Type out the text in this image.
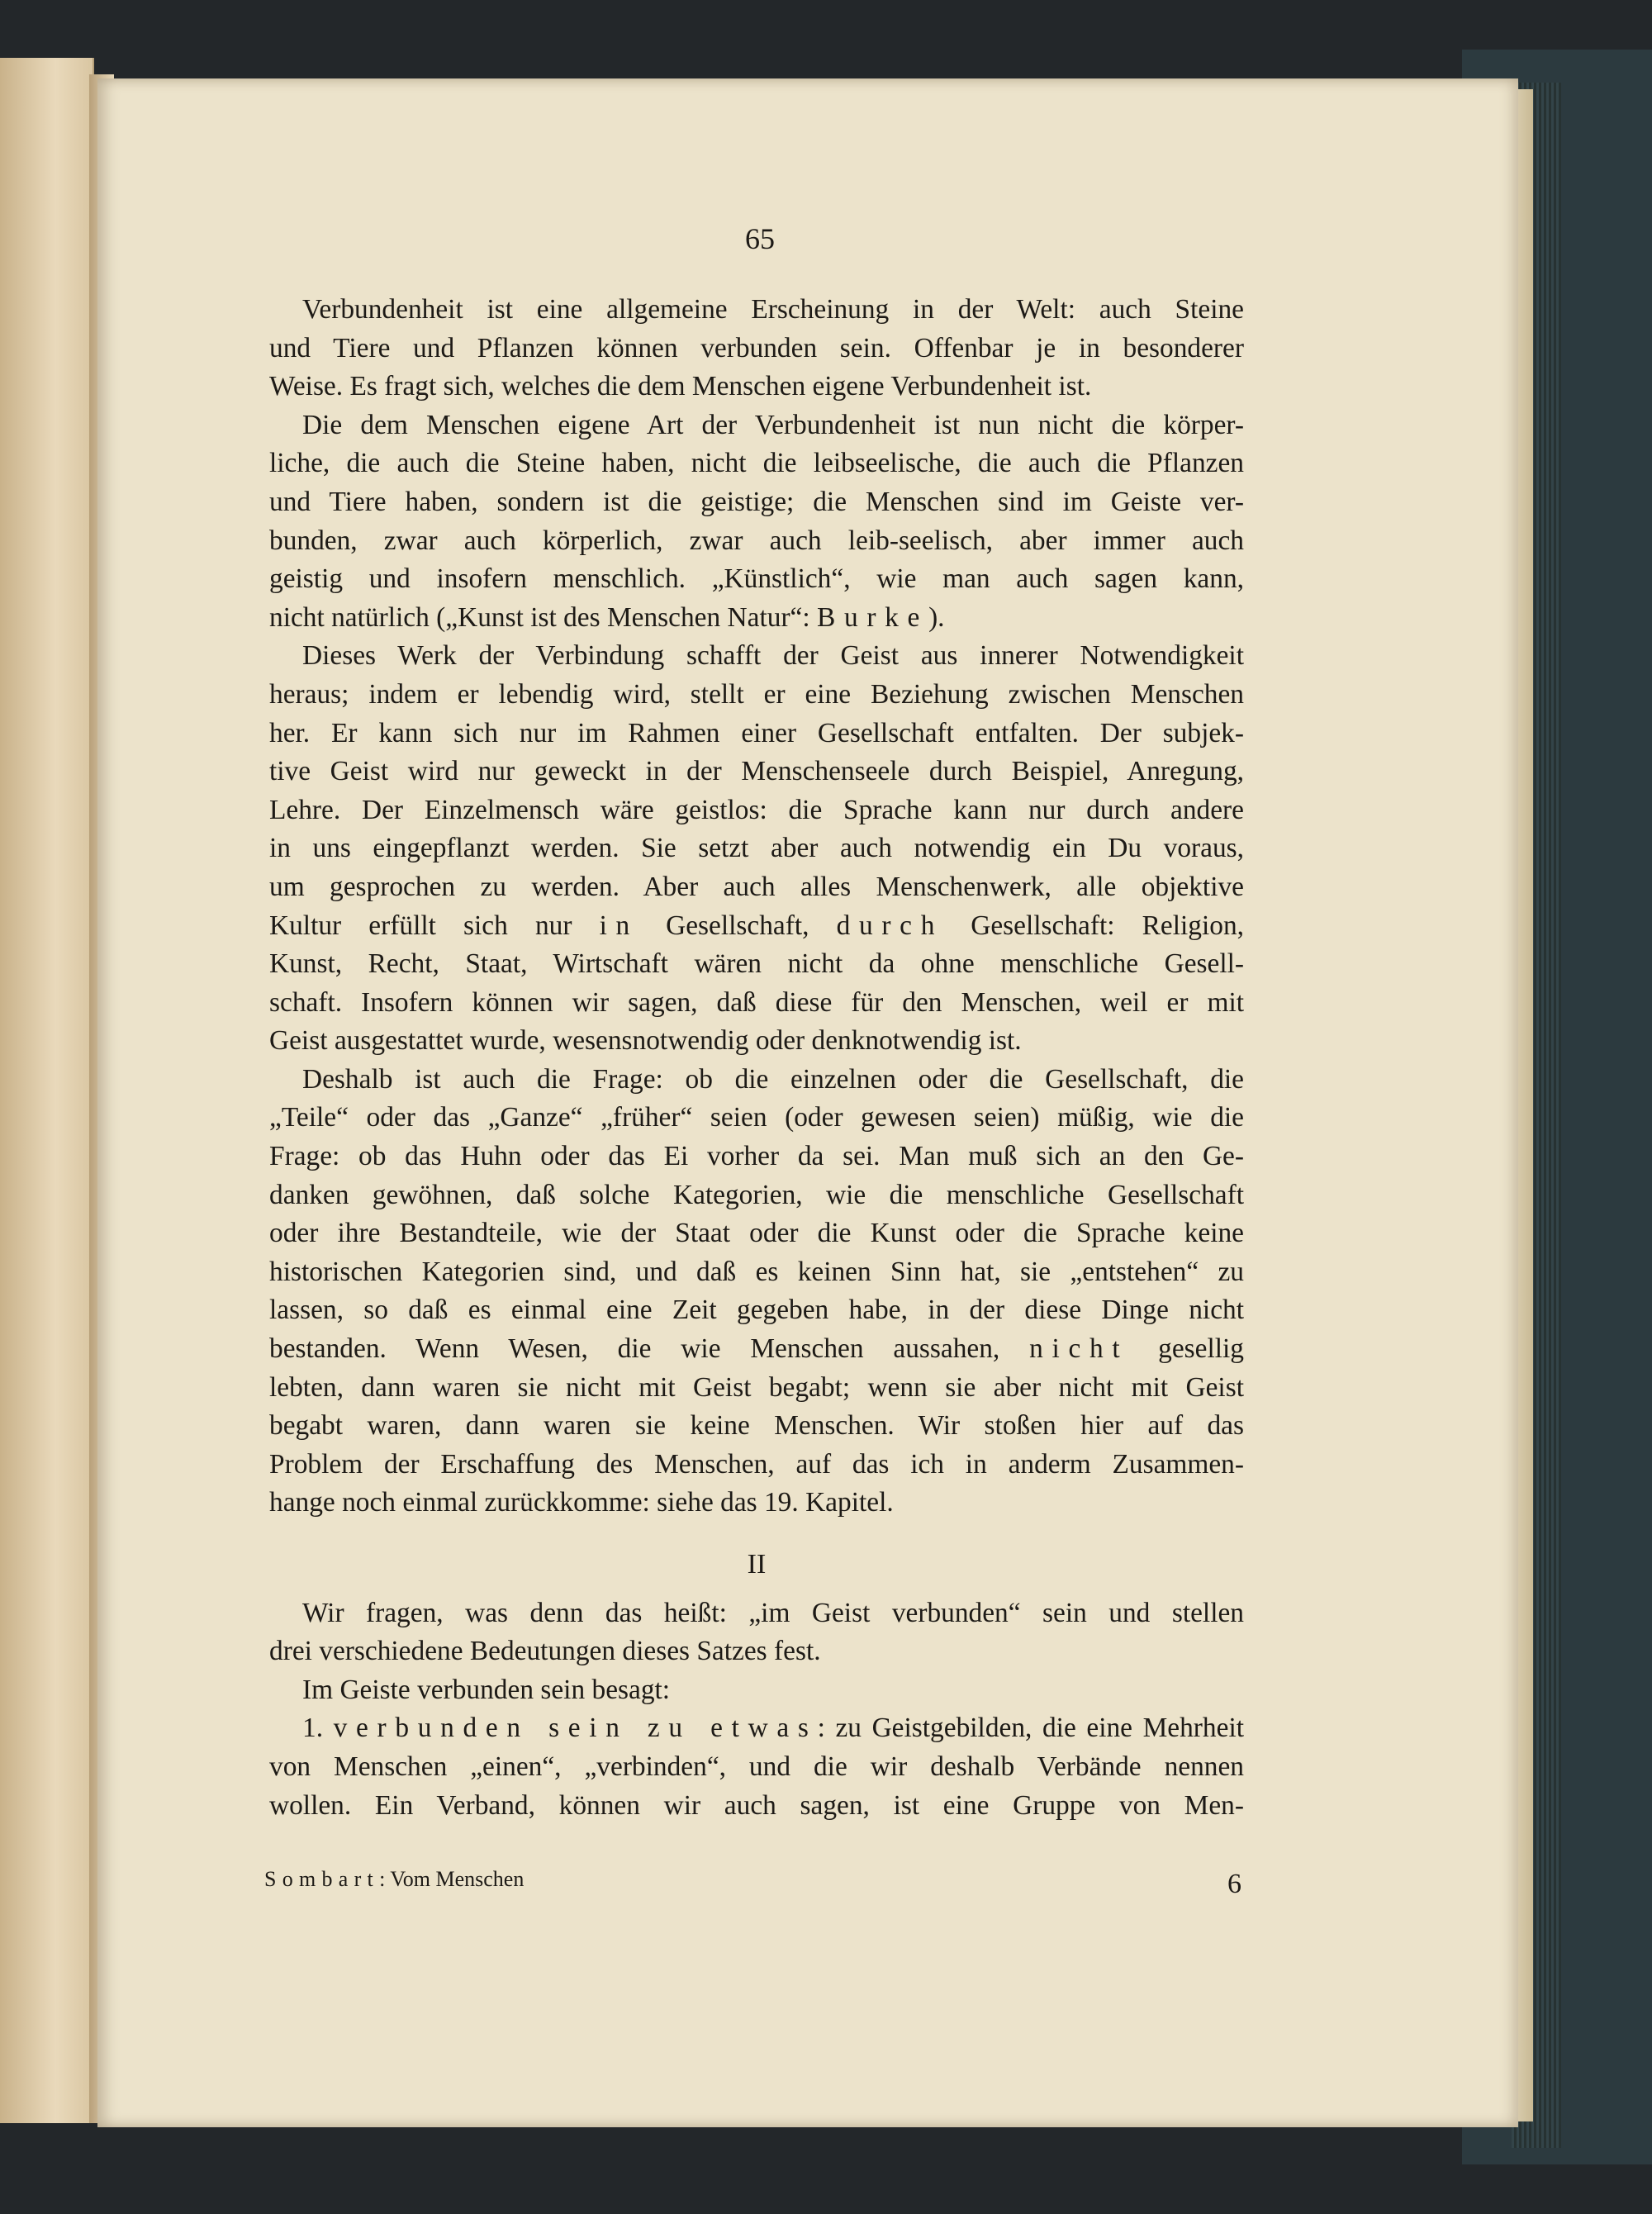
65

Verbundenheit ist eine allgemeine Erscheinung in der Welt: auch Steine

und Tiere und Pflanzen können verbunden sein. Offenbar je in besonderer

Weise. Es fragt sich, welches die dem Menschen eigene Verbundenheit ist.

Die dem Menschen eigene Art der Verbundenheit ist nun nicht die körper-

liche, die auch die Steine haben, nicht die leibseelische, die auch die Pflanzen

und Tiere haben, sondern ist die geistige; die Menschen sind im Geiste ver-

bunden, zwar auch körperlich, zwar auch leib-seelisch, aber immer auch

geistig und insofern menschlich. „Künstlich“, wie man auch sagen kann,

nicht natürlich („Kunst ist des Menschen Natur“: Burke).

Dieses Werk der Verbindung schafft der Geist aus innerer Notwendigkeit

heraus; indem er lebendig wird, stellt er eine Beziehung zwischen Menschen

her. Er kann sich nur im Rahmen einer Gesellschaft entfalten. Der subjek-

tive Geist wird nur geweckt in der Menschenseele durch Beispiel, Anregung,

Lehre. Der Einzelmensch wäre geistlos: die Sprache kann nur durch andere

in uns eingepflanzt werden. Sie setzt aber auch notwendig ein Du voraus,

um gesprochen zu werden. Aber auch alles Menschenwerk, alle objektive

Kultur erfüllt sich nur in Gesellschaft, durch Gesellschaft: Religion,

Kunst, Recht, Staat, Wirtschaft wären nicht da ohne menschliche Gesell-

schaft. Insofern können wir sagen, daß diese für den Menschen, weil er mit

Geist ausgestattet wurde, wesensnotwendig oder denknotwendig ist.

Deshalb ist auch die Frage: ob die einzelnen oder die Gesellschaft, die

„Teile“ oder das „Ganze“ „früher“ seien (oder gewesen seien) müßig, wie die

Frage: ob das Huhn oder das Ei vorher da sei. Man muß sich an den Ge-

danken gewöhnen, daß solche Kategorien, wie die menschliche Gesellschaft

oder ihre Bestandteile, wie der Staat oder die Kunst oder die Sprache keine

historischen Kategorien sind, und daß es keinen Sinn hat, sie „entstehen“ zu

lassen, so daß es einmal eine Zeit gegeben habe, in der diese Dinge nicht

bestanden. Wenn Wesen, die wie Menschen aussahen, nicht gesellig

lebten, dann waren sie nicht mit Geist begabt; wenn sie aber nicht mit Geist

begabt waren, dann waren sie keine Menschen. Wir stoßen hier auf das

Problem der Erschaffung des Menschen, auf das ich in anderm Zusammen-

hange noch einmal zurückkomme: siehe das 19. Kapitel.

II

Wir fragen, was denn das heißt: „im Geist verbunden“ sein und stellen

drei verschiedene Bedeutungen dieses Satzes fest.

Im Geiste verbunden sein besagt:

1. verbunden sein zu etwas: zu Geistgebilden, die eine Mehrheit

von Menschen „einen“, „verbinden“, und die wir deshalb Verbände nennen

wollen. Ein Verband, können wir auch sagen, ist eine Gruppe von Men-

Sombart: Vom Menschen	6
